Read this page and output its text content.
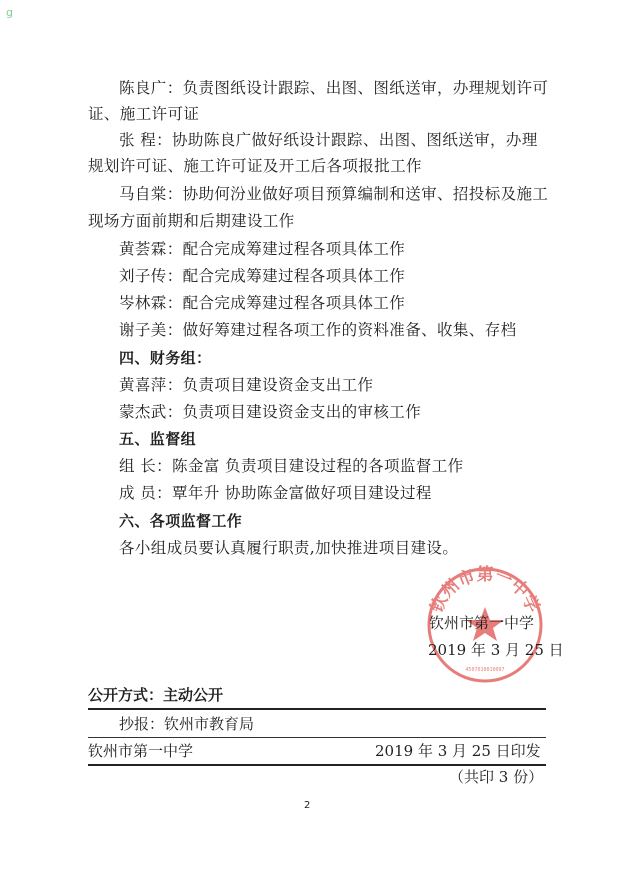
g
陈良广：负责图纸设计跟踪、出图、图纸送审，办理规划许可
证、施工许可证
张 程：协助陈良广做好纸设计跟踪、出图、图纸送审，办理
规划许可证、施工许可证及开工后各项报批工作
马自棠：协助何汾业做好项目预算编制和送审、招投标及施工
现场方面前期和后期建设工作
黄荟霖：配合完成筹建过程各项具体工作
刘子传：配合完成筹建过程各项具体工作
岑林霖：配合完成筹建过程各项具体工作
谢子美：做好筹建过程各项工作的资料准备、收集、存档
四、财务组：
黄喜萍：负责项目建设资金支出工作
蒙杰武：负责项目建设资金支出的审核工作
五、监督组
组 长：陈金富 负责项目建设过程的各项监督工作
成 员：覃年升 协助陈金富做好项目建设过程
六、各项监督工作
各小组成员要认真履行职责,加快推进项目建设。
钦州市第一中学
4507010010097
钦州市第一中学
2019 年 3 月 25 日
公开方式：主动公开
抄报：钦州市教育局
钦州市第一中学	2019 年 3 月 25 日印发
（共印 3 份）
2
